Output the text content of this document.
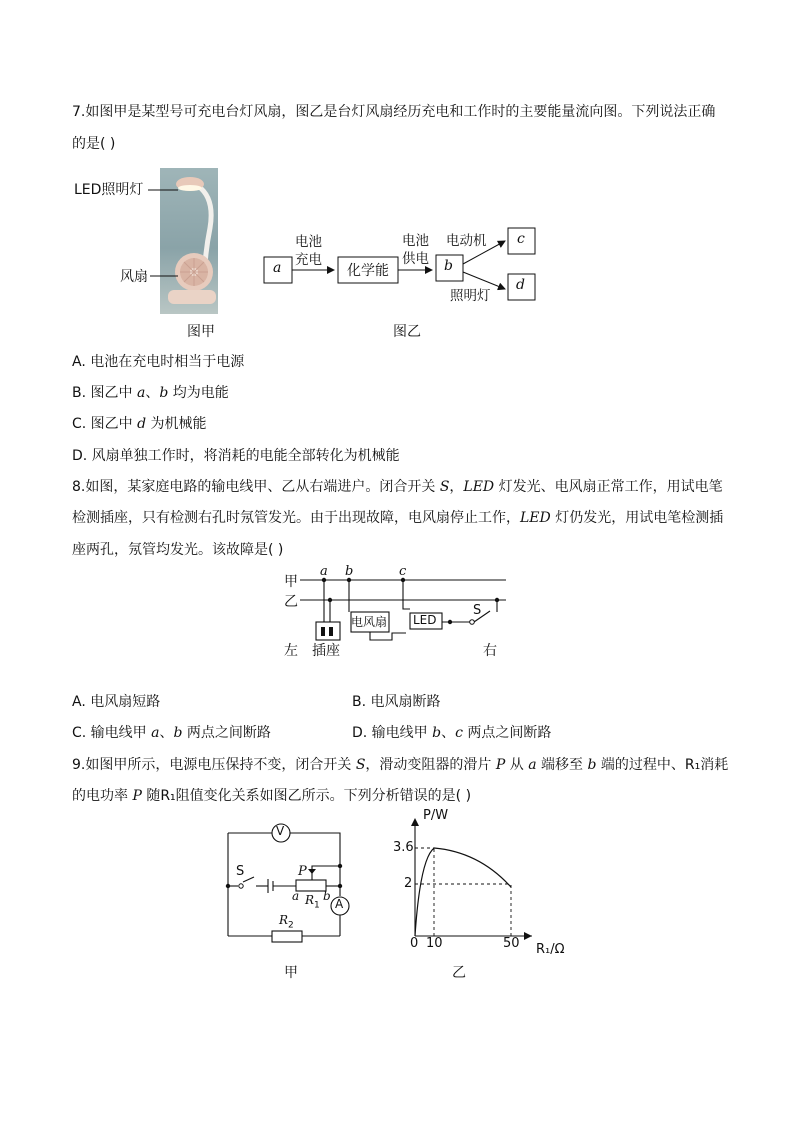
7.如图甲是某型号可充电台灯风扇，图乙是台灯风扇经历充电和工作时的主要能量流向图。下列说法正确
的是( )
LED照明灯
风扇
图甲
a
电池
充电
化学能
电池
供电 b
电动机
照明灯
c
d
图乙
A. 电池在充电时相当于电源
B. 图乙中 a、b 均为电能
C. 图乙中 d 为机械能
D. 风扇单独工作时，将消耗的电能全部转化为机械能
8.如图，某家庭电路的输电线甲、乙从右端进户。闭合开关 S，LED 灯发光、电风扇正常工作，用试电笔
检测插座，只有检测右孔时氖管发光。由于出现故障，电风扇停止工作，LED 灯仍发光，用试电笔检测插
座两孔，氖管均发光。该故障是( )
甲
乙
a b	c
电风扇 LED
S
左 插座	右
A. 电风扇短路	B. 电风扇断路
C. 输电线甲 a、b 两点之间断路	D. 输电线甲 b、c 两点之间断路
9.如图甲所示，电源电压保持不变，闭合开关 S，滑动变阻器的滑片 P 从 a 端移至 b 端的过程中、R₁消耗
的电功率 P 随R₁阻值变化关系如图乙所示。下列分析错误的是( )
V
A
S	P
a b
$R_1$
$R_2$
甲
P/W
R₁/Ω
3.6
2
0 10	50
乙
